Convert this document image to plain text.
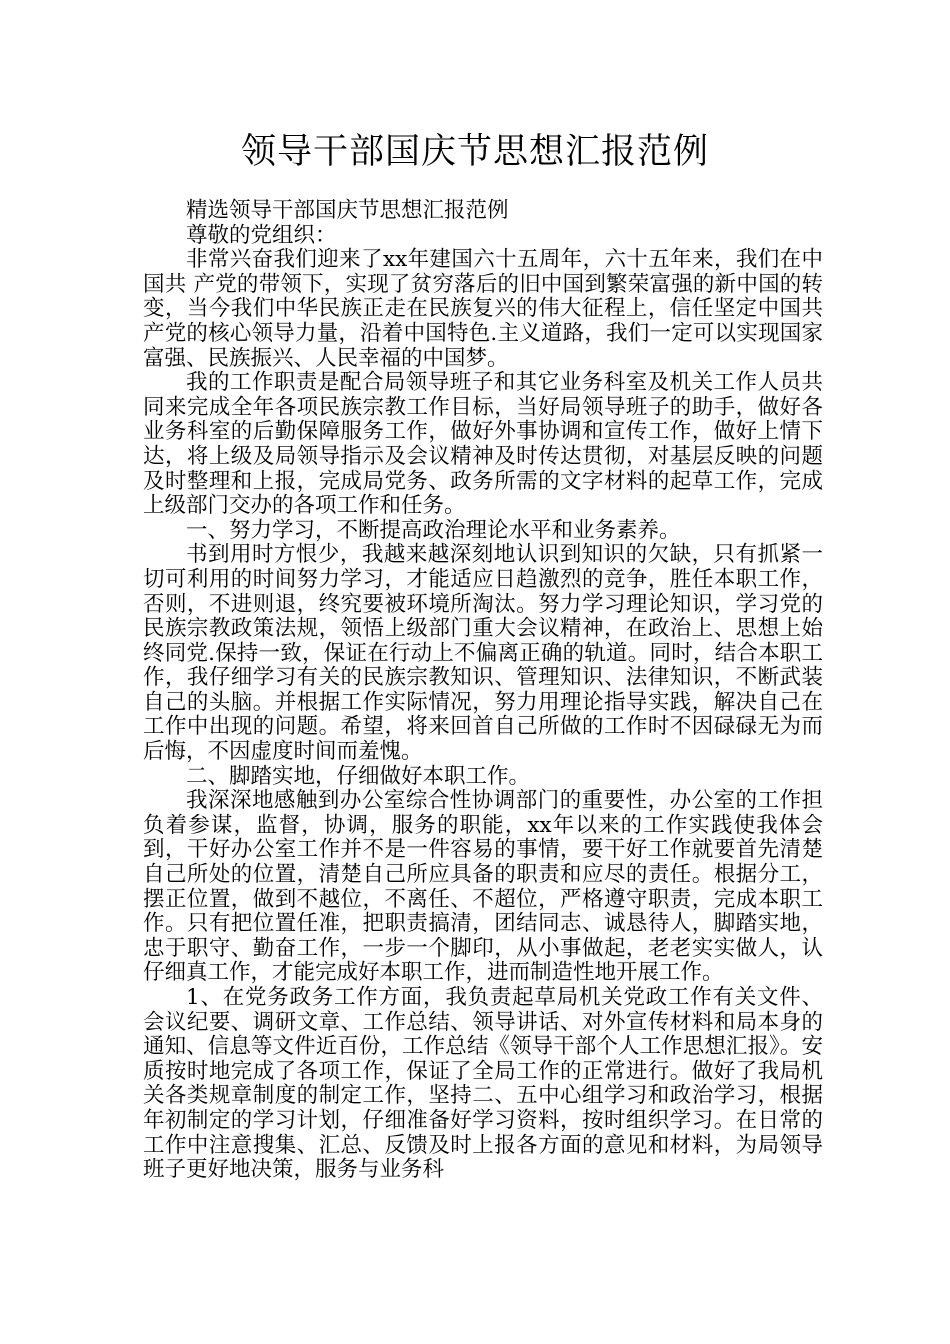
领导干部国庆节思想汇报范例

精选领导干部国庆节思想汇报范例

尊敬的党组织：

非常兴奋我们迎来了xx年建国六十五周年，六十五年来，我们在中国共 产党的带领下，实现了贫穷落后的旧中国到繁荣富强的新中国的转变，当今我们中华民族正走在民族复兴的伟大征程上，信任坚定中国共 产党的核心领导力量，沿着中国特色.主义道路，我们一定可以实现国家富强、民族振兴、人民幸福的中国梦。

我的工作职责是配合局领导班子和其它业务科室及机关工作人员共同来完成全年各项民族宗教工作目标，当好局领导班子的助手，做好各业务科室的后勤保障服务工作，做好外事协调和宣传工作，做好上情下达，将上级及局领导指示及会议精神及时传达贯彻，对基层反映的问题及时整理和上报，完成局党务、政务所需的文字材料的起草工作，完成上级部门交办的各项工作和任务。

一、努力学习，不断提高政治理论水平和业务素养。

书到用时方恨少，我越来越深刻地认识到知识的欠缺，只有抓紧一切可利用的时间努力学习，才能适应日趋激烈的竞争，胜任本职工作，否则，不进则退，终究要被环境所淘汰。努力学习理论知识，学习党的民族宗教政策法规，领悟上级部门重大会议精神，在政治上、思想上始终同党.保持一致，保证在行动上不偏离正确的轨道。同时，结合本职工作，我仔细学习有关的民族宗教知识、管理知识、法律知识，不断武装自己的头脑。并根据工作实际情况，努力用理论指导实践，解决自己在工作中出现的问题。希望，将来回首自己所做的工作时不因碌碌无为而后悔，不因虚度时间而羞愧。

二、脚踏实地，仔细做好本职工作。

我深深地感触到办公室综合性协调部门的重要性，办公室的工作担负着参谋，监督，协调，服务的职能，xx年以来的工作实践使我体会到，干好办公室工作并不是一件容易的事情，要干好工作就要首先清楚自己所处的位置，清楚自己所应具备的职责和应尽的责任。根据分工，摆正位置，做到不越位，不离任、不超位，严格遵守职责，完成本职工作。只有把位置任准，把职责搞清，团结同志、诚恳待人，脚踏实地，忠于职守、勤奋工作，一步一个脚印，从小事做起，老老实实做人，认仔细真工作，才能完成好本职工作，进而制造性地开展工作。

1、在党务政务工作方面，我负责起草局机关党政工作有关文件、会议纪要、调研文章、工作总结、领导讲话、对外宣传材料和局本身的通知、信息等文件近百份，工作总结《领导干部个人工作思想汇报》。安质按时地完成了各项工作，保证了全局工作的正常进行。做好了我局机关各类规章制度的制定工作，坚持二、五中心组学习和政治学习，根据年初制定的学习计划，仔细准备好学习资料，按时组织学习。在日常的工作中注意搜集、汇总、反馈及时上报各方面的意见和材料，为局领导班子更好地决策，服务与业务科
